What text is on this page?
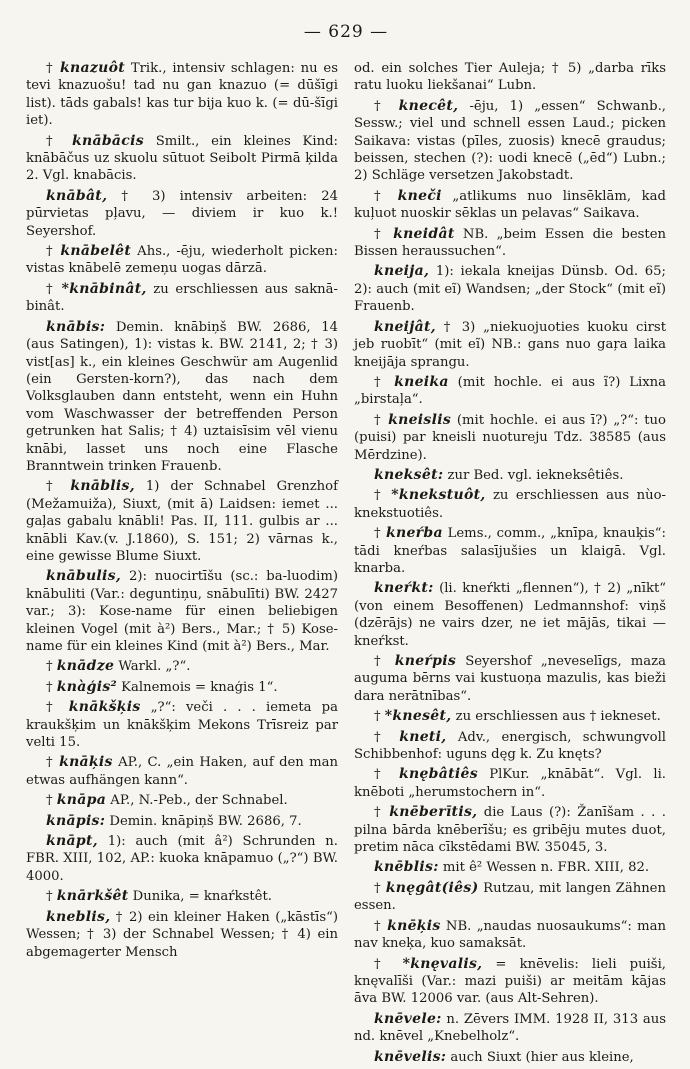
— 629 —

† knazuôt Trik., intensiv schlagen: nu es tevi knazuošu! tad nu gan knazuo (= dūšīgi list). tāds gabals! kas tur bija kuo k. (= dū-šīgi iet).

† knābācis Smilt., ein kleines Kind: knābāčus uz skuolu sūtuot Seibolt Pirmā ķilda 2. Vgl. knabācis.

knābât, † 3) intensiv arbeiten: 24 pūrvietas pļavu, — diviem ir kuo k.! Seyershof.

† knābelêt Ahs., -ēju, wiederholt picken: vistas knābelē zemeņu uogas dārzā.

† *knābinât, zu erschliessen aus saknā-binât.

knābis: Demin. knābiņš BW. 2686, 14 (aus Satingen), 1): vistas k. BW. 2141, 2; † 3) vist[as] k., ein kleines Geschwür am Augenlid (ein Gersten-korn?), das nach dem Volksglauben dann entsteht, wenn ein Huhn vom Waschwasser der betreffenden Person getrunken hat Salis; † 4) uztaisīsim vēl vienu knābi, lasset uns noch eine Flasche Branntwein trinken Frauenb.

† knāblis, 1) der Schnabel Grenzhof (Mežamuiža), Siuxt, (mit ā) Laidsen: iemet ... gaļas gabalu knābli! Pas. II, 111. gulbis ar ... knābli Kav.(v. J.1860), S. 151; 2) vārnas k., eine gewisse Blume Siuxt.

knābulis, 2): nuocirtīšu (sc.: ba-luodim) knābuliti (Var.: deguntiņu, snābulīti) BW. 2427 var.; 3): Kose-name für einen beliebigen kleinen Vogel (mit à²) Bers., Mar.; † 5) Kose-name für ein kleines Kind (mit à²) Bers., Mar.

† knādze Warkl. „?“.

† knàģis² Kalnemois = knaģis 1“.

† knākšķis „?“: veči . . . iemeta pa kraukšķim un knākšķim Mekons Trīsreiz par velti 15.

† knāķis AP., C. „ein Haken, auf den man etwas aufhängen kann“.

† knāpa AP., N.-Peb., der Schnabel.

knāpis: Demin. knāpiņš BW. 2686, 7.

knāpt, 1): auch (mit â²) Schrunden n. FBR. XIII, 102, AP.: kuoka knāpamuo („?“) BW. 4000.

† knārkšêt Dunika, = knaŕkstêt.

kneblis, † 2) ein kleiner Haken („kāstīs“) Wessen; † 3) der Schnabel Wessen; † 4) ein abgemagerter Mensch

od. ein solches Tier Auleja; † 5) „darba rīks ratu luoku liekšanai“ Lubn.

† knecêt, -ēju, 1) „essen“ Schwanb., Sessw.; viel und schnell essen Laud.; picken Saikava: vistas (pīles, zuosis) knecē graudus; beissen, stechen (?): uodi knecē („ēd“) Lubn.; 2) Schläge versetzen Jakobstadt.

† kneči „atlikums nuo linsēklām, kad kuļuot nuoskir sēklas un pelavas“ Saikava.

† kneidât NB. „beim Essen die besten Bissen heraussuchen“.

kneija, 1): iekala kneijas Dünsb. Od. 65; 2): auch (mit eĩ) Wandsen; „der Stock“ (mit eĩ) Frauenb.

kneijât, † 3) „niekuojuoties kuoku cirst jeb ruobīt“ (mit eĩ) NB.: gans nuo gaŗa laika kneijāja sprangu.

† kneika (mit hochle. ei aus ĩ?) Lixna „birstaļa“.

† kneislis (mit hochle. ei aus ī?) „?“: tuo (puisi) par kneisli nuotureju Tdz. 38585 (aus Mērdzine).

kneksêt: zur Bed. vgl. iekneksêtiês.

† *knekstuôt, zu erschliessen aus nùo-knekstuotiês.

† kneŕba Lems., comm., „knīpa, knauķis“: tādi kneŕbas salasījušies un klaigā. Vgl. knarba.

kneŕkt: (li. kneŕkti „flennen“), † 2) „nīkt“ (von einem Besoffenen) Ledmannshof: viņš (dzērājs) ne vairs dzer, ne iet mājās, tikai — kneŕkst.

† kneŕpis Seyershof „neveselīgs, maza auguma bērns vai kustuoņa mazulis, kas bieži dara nerātnības“.

† *knesêt, zu erschliessen aus † iekneset.

† kneti, Adv., energisch, schwungvoll Schibbenhof: uguns dęg k. Zu knęts?

† knębâtiês PlKur. „knābāt“. Vgl. li. knēboti „herumstochern in“.

† knēberītis, die Laus (?): Žanīšam . . . pilna bārda knēberīšu; es gribēju mutes duot, pretim nāca cīkstēdami BW. 35045, 3.

knēblis: mit ê² Wessen n. FBR. XIII, 82.

† knęgât(iês) Rutzau, mit langen Zähnen essen.

† knēķis NB. „naudas nuosaukums“: man nav kneķa, kuo samaksāt.

† *knęvalis, = knēvelis: lieli puiši, knęvalīši (Var.: mazi puiši) ar meitām kājas āva BW. 12006 var. (aus Alt-Sehren).

knēvele: n. Zēvers IMM. 1928 II, 313 aus nd. knēvel „Knebelholz“.

knēvelis: auch Siuxt (hier aus kleine,
